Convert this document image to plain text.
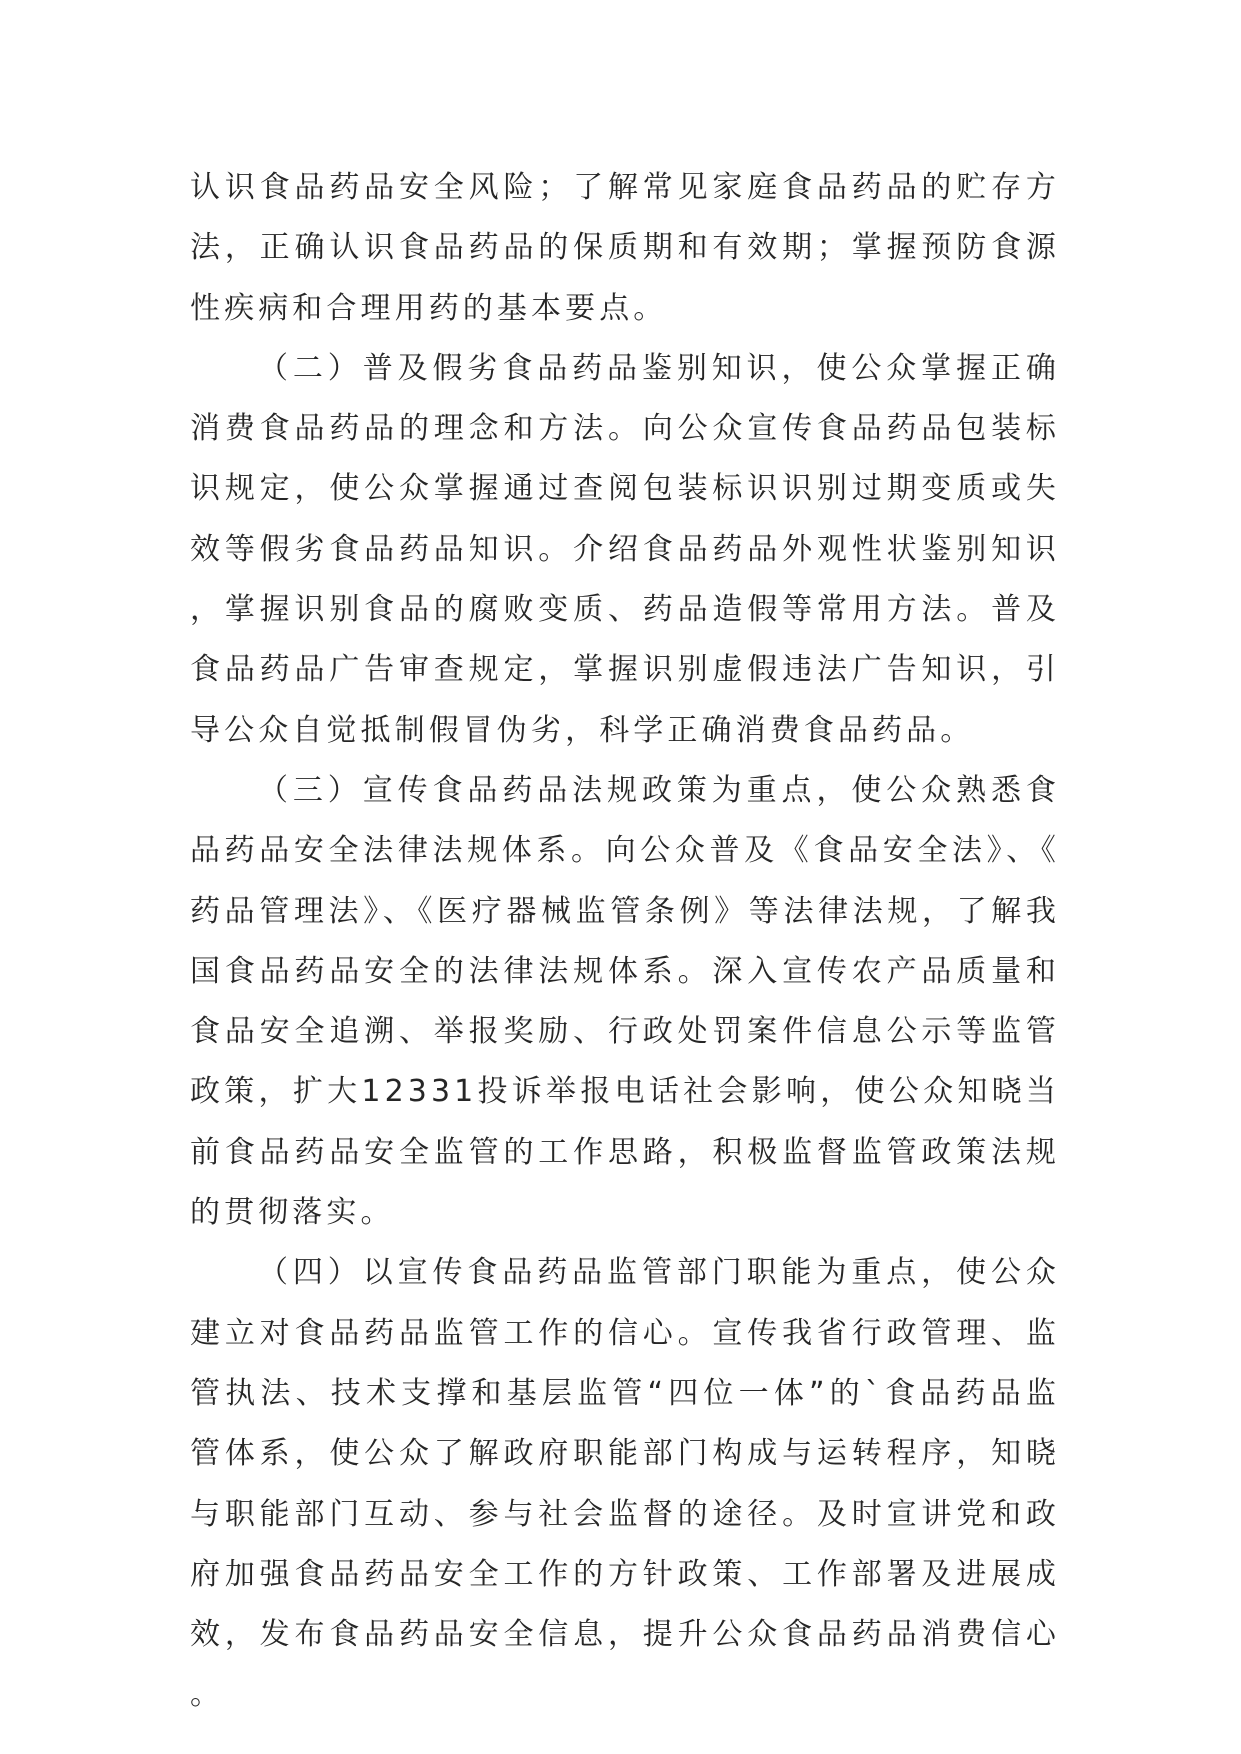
认识食品药品安全风险；了解常见家庭食品药品的贮存方法，正确认识食品药品的保质期和有效期；掌握预防食源性疾病和合理用药的基本要点。

（二）普及假劣食品药品鉴别知识，使公众掌握正确消费食品药品的理念和方法。向公众宣传食品药品包装标识规定，使公众掌握通过查阅包装标识识别过期变质或失效等假劣食品药品知识。介绍食品药品外观性状鉴别知识，掌握识别食品的腐败变质、药品造假等常用方法。普及食品药品广告审查规定，掌握识别虚假违法广告知识，引导公众自觉抵制假冒伪劣，科学正确消费食品药品。

（三）宣传食品药品法规政策为重点，使公众熟悉食品药品安全法律法规体系。向公众普及《食品安全法》、《药品管理法》、《医疗器械监管条例》等法律法规，了解我国食品药品安全的法律法规体系。深入宣传农产品质量和食品安全追溯、举报奖励、行政处罚案件信息公示等监管政策，扩大12331投诉举报电话社会影响，使公众知晓当前食品药品安全监管的工作思路，积极监督监管政策法规的贯彻落实。

（四）以宣传食品药品监管部门职能为重点，使公众建立对食品药品监管工作的信心。宣传我省行政管理、监管执法、技术支撑和基层监管“四位一体”的`食品药品监管体系，使公众了解政府职能部门构成与运转程序，知晓与职能部门互动、参与社会监督的途径。及时宣讲党和政府加强食品药品安全工作的方针政策、工作部署及进展成效，发布食品药品安全信息，提升公众食品药品消费信心。
